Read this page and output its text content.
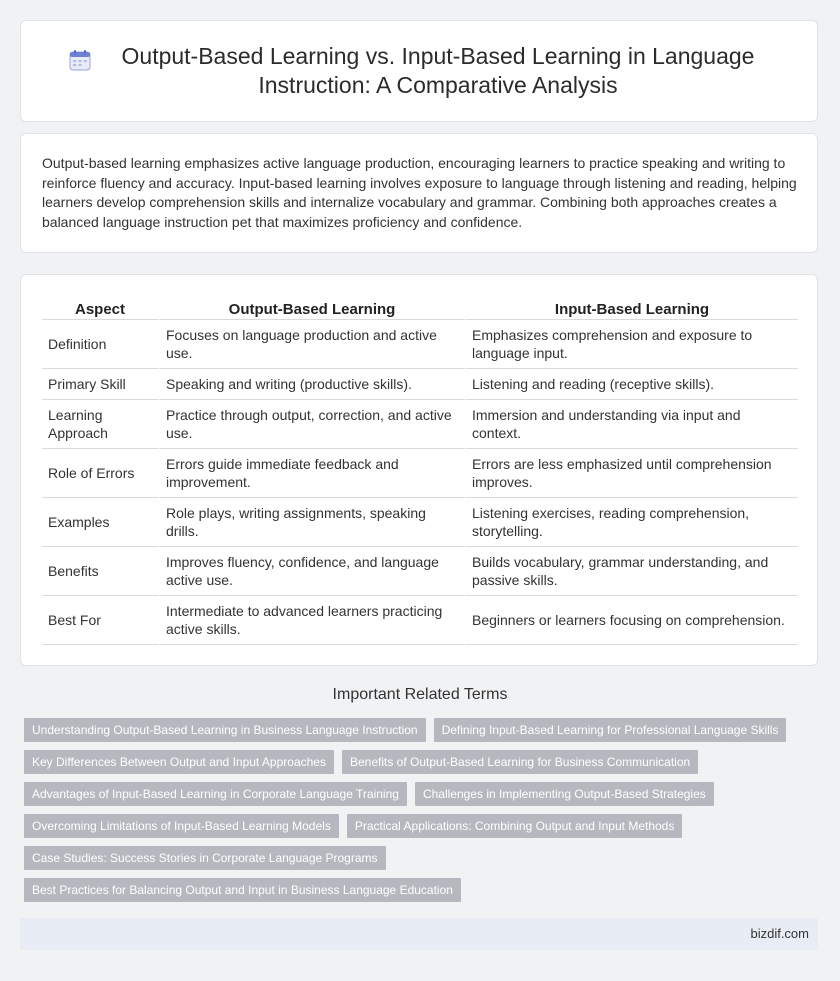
Output-Based Learning vs. Input-Based Learning in Language Instruction: A Comparative Analysis

Output-based learning emphasizes active language production, encouraging learners to practice speaking and writing to reinforce fluency and accuracy. Input-based learning involves exposure to language through listening and reading, helping learners develop comprehension skills and internalize vocabulary and grammar. Combining both approaches creates a balanced language instruction pet that maximizes proficiency and confidence.

Aspect	Output-Based Learning	Input-Based Learning
Definition	Focuses on language production and active use.	Emphasizes comprehension and exposure to language input.
Primary Skill	Speaking and writing (productive skills).	Listening and reading (receptive skills).
Learning Approach	Practice through output, correction, and active use.	Immersion and understanding via input and context.
Role of Errors	Errors guide immediate feedback and improvement.	Errors are less emphasized until comprehension improves.
Examples	Role plays, writing assignments, speaking drills.	Listening exercises, reading comprehension, storytelling.
Benefits	Improves fluency, confidence, and language active use.	Builds vocabulary, grammar understanding, and passive skills.
Best For	Intermediate to advanced learners practicing active skills.	Beginners or learners focusing on comprehension.
Important Related Terms
Understanding Output-Based Learning in Business Language Instruction	Defining Input-Based Learning for Professional Language Skills
Key Differences Between Output and Input Approaches	Benefits of Output-Based Learning for Business Communication
Advantages of Input-Based Learning in Corporate Language Training	Challenges in Implementing Output-Based Strategies
Overcoming Limitations of Input-Based Learning Models	Practical Applications: Combining Output and Input Methods
Case Studies: Success Stories in Corporate Language Programs
Best Practices for Balancing Output and Input in Business Language Education
bizdif.com
